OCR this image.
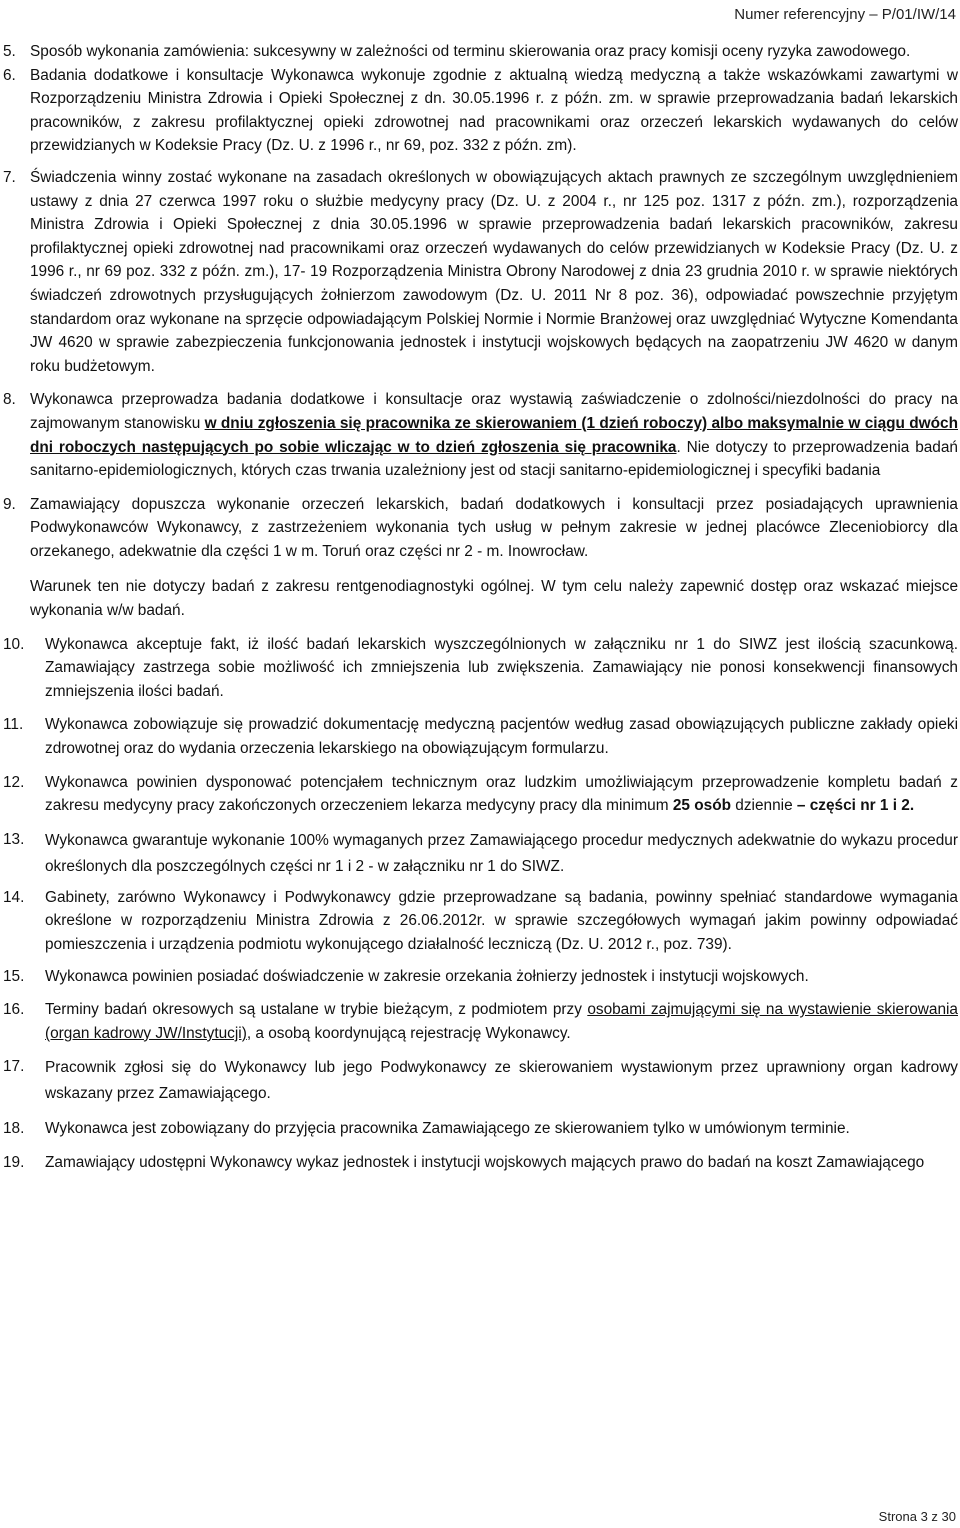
Numer referencyjny – P/01/IW/14
5. Sposób wykonania zamówienia: sukcesywny w zależności od terminu skierowania oraz pracy komisji oceny ryzyka zawodowego.

6. Badania dodatkowe i konsultacje Wykonawca wykonuje zgodnie z aktualną wiedzą medyczną a także wskazówkami zawartymi w Rozporządzeniu Ministra Zdrowia i Opieki Społecznej z dn. 30.05.1996 r. z późn. zm. w sprawie przeprowadzania badań lekarskich pracowników, z zakresu profilaktycznej opieki zdrowotnej nad pracownikami oraz orzeczeń lekarskich wydawanych do celów przewidzianych w Kodeksie Pracy (Dz. U. z 1996 r., nr 69, poz. 332 z późn. zm).

7. Świadczenia winny zostać wykonane na zasadach określonych w obowiązujących aktach prawnych ze szczególnym uwzględnieniem ustawy z dnia 27 czerwca 1997 roku o służbie medycyny pracy (Dz. U. z 2004 r., nr 125 poz. 1317 z późn. zm.), rozporządzenia Ministra Zdrowia i Opieki Społecznej z dnia 30.05.1996 w sprawie przeprowadzenia badań lekarskich pracowników, zakresu profilaktycznej opieki zdrowotnej nad pracownikami oraz orzeczeń wydawanych do celów przewidzianych w Kodeksie Pracy (Dz. U. z 1996 r., nr 69 poz. 332 z późn. zm.), 17- 19 Rozporządzenia Ministra Obrony Narodowej z dnia 23 grudnia 2010 r. w sprawie niektórych świadczeń zdrowotnych przysługujących żołnierzom zawodowym (Dz. U. 2011 Nr 8 poz. 36), odpowiadać powszechnie przyjętym standardom oraz wykonane na sprzęcie odpowiadającym Polskiej Normie i Normie Branżowej oraz uwzględniać Wytyczne Komendanta JW 4620 w sprawie zabezpieczenia funkcjonowania jednostek i instytucji wojskowych będących na zaopatrzeniu JW 4620 w danym roku budżetowym.

8. Wykonawca przeprowadza badania dodatkowe i konsultacje oraz wystawią zaświadczenie o zdolności/niezdolności do pracy na zajmowanym stanowisku w dniu zgłoszenia się pracownika ze skierowaniem (1 dzień roboczy) albo maksymalnie w ciągu dwóch dni roboczych następujących po sobie wliczając w to dzień zgłoszenia się pracownika. Nie dotyczy to przeprowadzenia badań sanitarno-epidemiologicznych, których czas trwania uzależniony jest od stacji sanitarno-epidemiologicznej i specyfiki badania

9. Zamawiający dopuszcza wykonanie orzeczeń lekarskich, badań dodatkowych i konsultacji przez posiadających uprawnienia Podwykonawców Wykonawcy, z zastrzeżeniem wykonania tych usług w pełnym zakresie w jednej placówce Zleceniobiorcy dla orzekanego, adekwatnie dla części 1 w m. Toruń oraz części nr 2 - m. Inowrocław.

Warunek ten nie dotyczy badań z zakresu rentgenodiagnostyki ogólnej. W tym celu należy zapewnić dostęp oraz wskazać miejsce wykonania w/w badań.

10.	Wykonawca akceptuje fakt, iż ilość badań lekarskich wyszczególnionych w załączniku nr 1 do SIWZ jest ilością szacunkową. Zamawiający zastrzega sobie możliwość ich zmniejszenia lub zwiększenia. Zamawiający nie ponosi konsekwencji finansowych zmniejszenia ilości badań.

11.	Wykonawca zobowiązuje się prowadzić dokumentację medyczną pacjentów według zasad obowiązujących publiczne zakłady opieki zdrowotnej oraz do wydania orzeczenia lekarskiego na obowiązującym formularzu.

12.	Wykonawca powinien dysponować potencjałem technicznym oraz ludzkim umożliwiającym przeprowadzenie kompletu badań z zakresu medycyny pracy zakończonych orzeczeniem lekarza medycyny pracy dla minimum 25 osób dziennie – części nr 1 i 2.

13.	Wykonawca gwarantuje wykonanie 100% wymaganych przez Zamawiającego procedur medycznych adekwatnie do wykazu procedur określonych dla poszczególnych części nr 1 i 2 - w załączniku nr 1 do SIWZ.

14.	Gabinety, zarówno Wykonawcy i Podwykonawcy gdzie przeprowadzane są badania, powinny spełniać standardowe wymagania określone w rozporządzeniu Ministra Zdrowia z 26.06.2012r. w sprawie szczegółowych wymagań jakim powinny odpowiadać pomieszczenia i urządzenia podmiotu wykonującego działalność leczniczą (Dz. U. 2012 r., poz. 739).

15.	Wykonawca powinien posiadać doświadczenie w zakresie orzekania żołnierzy jednostek i instytucji wojskowych.

16.	Terminy badań okresowych są ustalane w trybie bieżącym, z podmiotem przy osobami zajmującymi się na wystawienie skierowania (organ kadrowy JW/Instytucji), a osobą koordynującą rejestrację Wykonawcy.

17.	Pracownik zgłosi się do Wykonawcy lub jego Podwykonawcy ze skierowaniem wystawionym przez uprawniony organ kadrowy wskazany przez Zamawiającego.

18.	Wykonawca jest zobowiązany do przyjęcia pracownika Zamawiającego ze skierowaniem tylko w umówionym terminie.

19.	Zamawiający udostępni Wykonawcy wykaz jednostek i instytucji wojskowych mających prawo do badań na koszt Zamawiającego

Strona 3 z 30
